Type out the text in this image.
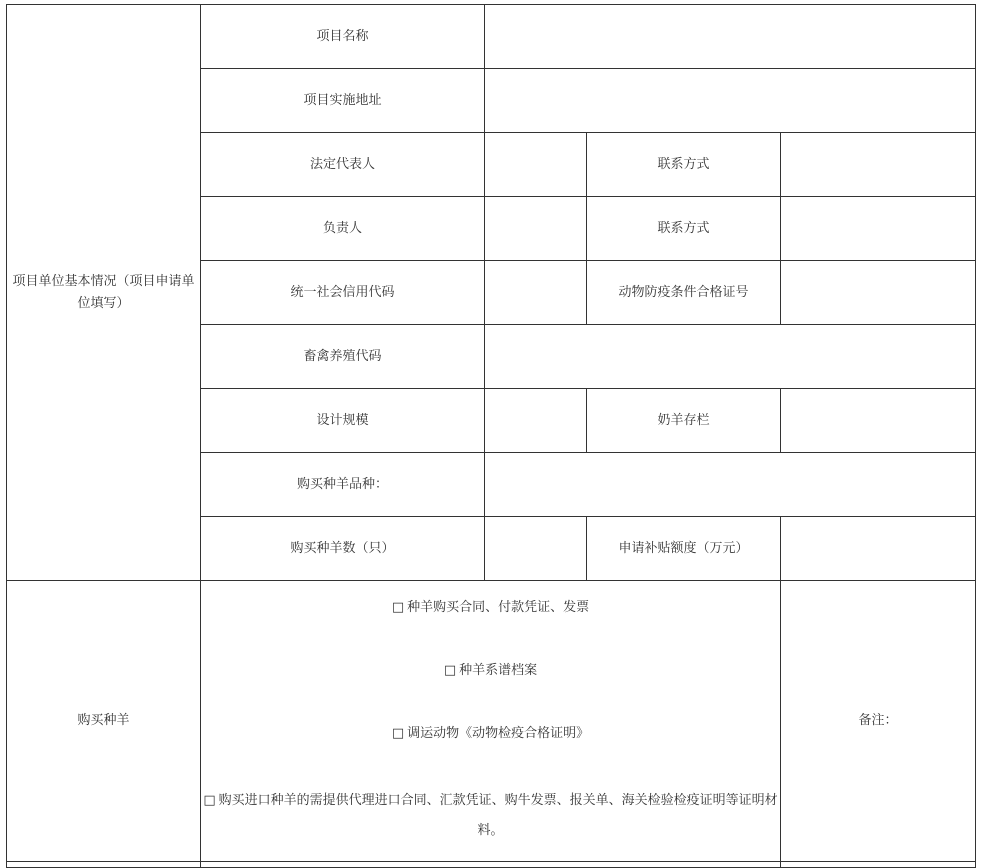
项目单位基本情况（项目申请单位填写）	项目名称			
	项目实施地址			
	法定代表人		联系方式	
	负责人		联系方式	
	统一社会信用代码		动物防疫条件合格证号	
	畜禽养殖代码			
	设计规模		奶羊存栏	
	购买种羊品种：			
	购买种羊数（只）		申请补贴额度（万元）	
购买种羊	□ 种羊购买合同、付款凭证、发票

□ 种羊系谱档案

□ 调运动物《动物检疫合格证明》

□ 购买进口种羊的需提供代理进口合同、汇款凭证、购牛发票、报关单、海关检验检疫证明等证明材料。			备注：
